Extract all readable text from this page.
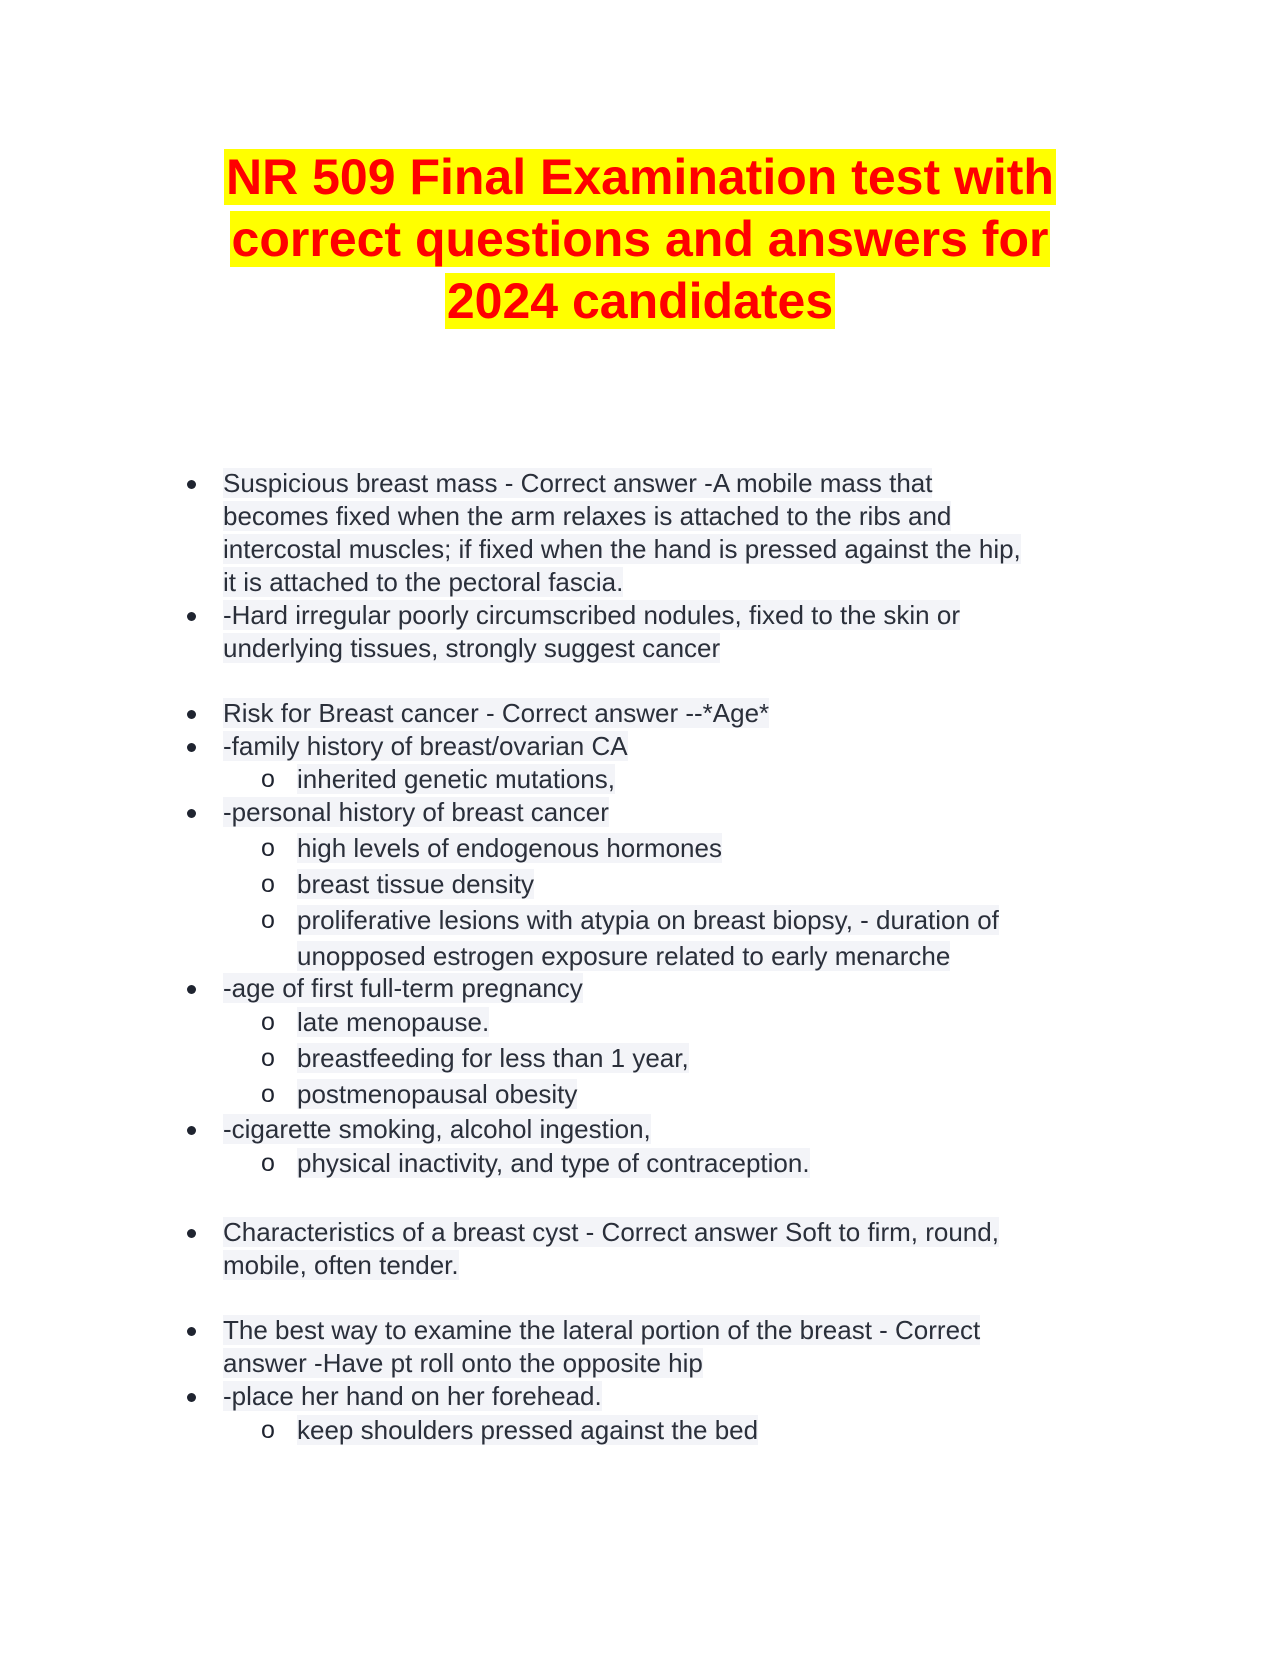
NR 509 Final Examination test with
correct questions and answers for
2024 candidates
Suspicious breast mass - Correct answer -A mobile mass that
becomes fixed when the arm relaxes is attached to the ribs and
intercostal muscles; if fixed when the hand is pressed against the hip,
it is attached to the pectoral fascia.
-Hard irregular poorly circumscribed nodules, fixed to the skin or
underlying tissues, strongly suggest cancer
Risk for Breast cancer - Correct answer --*Age*
-family history of breast/ovarian CA
o inherited genetic mutations,
-personal history of breast cancer
o high levels of endogenous hormones
o breast tissue density
o proliferative lesions with atypia on breast biopsy, - duration of
unopposed estrogen exposure related to early menarche
-age of first full-term pregnancy
o late menopause.
o breastfeeding for less than 1 year,
o postmenopausal obesity
-cigarette smoking, alcohol ingestion,
o physical inactivity, and type of contraception.
Characteristics of a breast cyst - Correct answer Soft to firm, round,
mobile, often tender.
The best way to examine the lateral portion of the breast - Correct
answer -Have pt roll onto the opposite hip
-place her hand on her forehead.
o keep shoulders pressed against the bed
